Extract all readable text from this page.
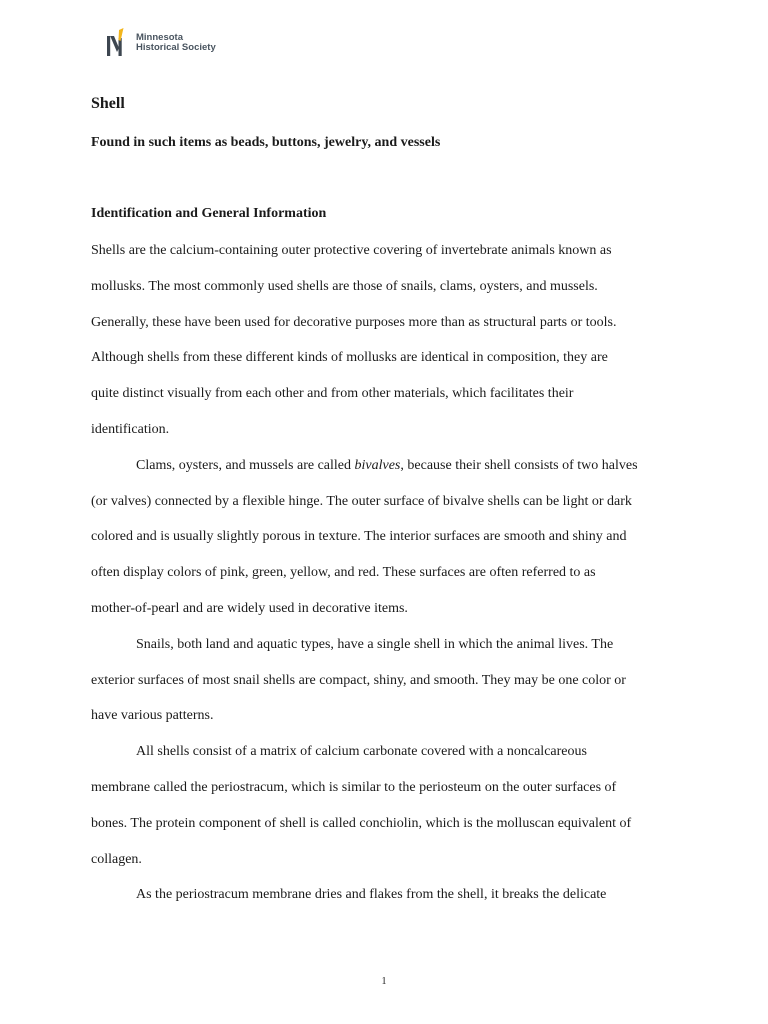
Minnesota
Historical Society
Shell
Found in such items as beads, buttons, jewelry, and vessels
Identification and General Information

Shells are the calcium-containing outer protective covering of invertebrate animals known as
mollusks. The most commonly used shells are those of snails, clams, oysters, and mussels.
Generally, these have been used for decorative purposes more than as structural parts or tools.
Although shells from these different kinds of mollusks are identical in composition, they are
quite distinct visually from each other and from other materials, which facilitates their
identification.

Clams, oysters, and mussels are called bivalves, because their shell consists of two halves
(or valves) connected by a flexible hinge. The outer surface of bivalve shells can be light or dark
colored and is usually slightly porous in texture. The interior surfaces are smooth and shiny and
often display colors of pink, green, yellow, and red. These surfaces are often referred to as
mother-of-pearl and are widely used in decorative items.

Snails, both land and aquatic types, have a single shell in which the animal lives. The
exterior surfaces of most snail shells are compact, shiny, and smooth. They may be one color or
have various patterns.

All shells consist of a matrix of calcium carbonate covered with a noncalcareous
membrane called the periostracum, which is similar to the periosteum on the outer surfaces of
bones. The protein component of shell is called conchiolin, which is the molluscan equivalent of
collagen.

As the periostracum membrane dries and flakes from the shell, it breaks the delicate

1
